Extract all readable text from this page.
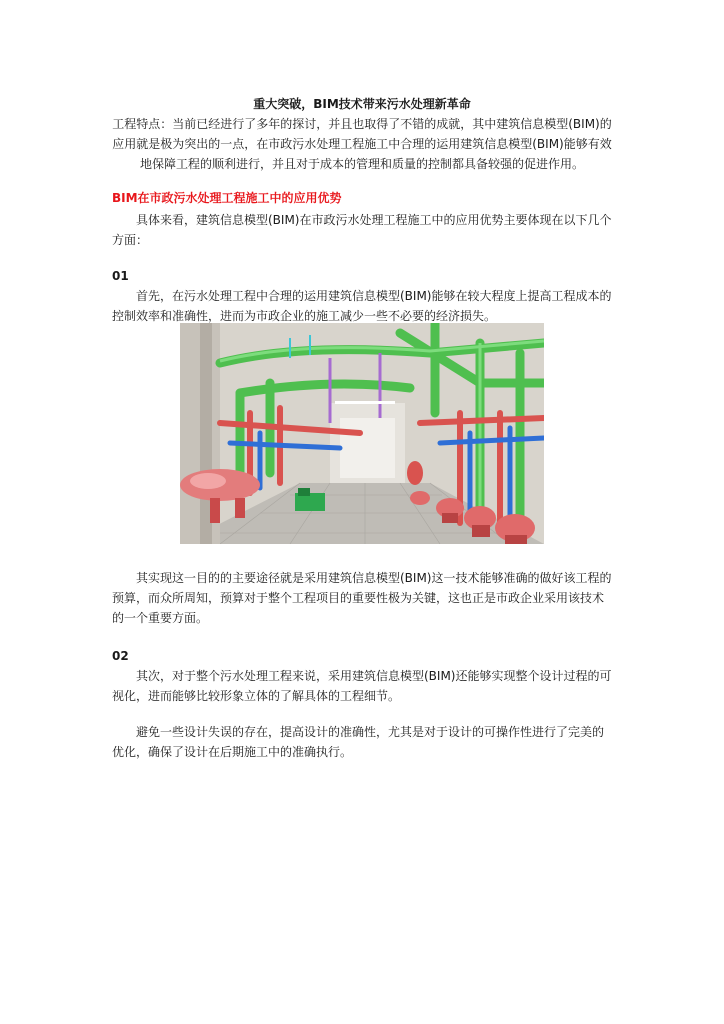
重大突破，BIM技术带来污水处理新革命
工程特点：当前已经进行了多年的探讨，并且也取得了不错的成就，其中建筑信息模型(BIM)的应用就是极为突出的一点，在市政污水处理工程施工中合理的运用建筑信息模型(BIM)能够有效地保障工程的顺利进行，并且对于成本的管理和质量的控制都具备较强的促进作用。
BIM在市政污水处理工程施工中的应用优势
具体来看，建筑信息模型(BIM)在市政污水处理工程施工中的应用优势主要体现在以下几个方面：
01
首先，在污水处理工程中合理的运用建筑信息模型(BIM)能够在较大程度上提高工程成本的控制效率和准确性，进而为市政企业的施工减少一些不必要的经济损失。
其实现这一目的的主要途径就是采用建筑信息模型(BIM)这一技术能够准确的做好该工程的预算，而众所周知，预算对于整个工程项目的重要性极为关键，这也正是市政企业采用该技术的一个重要方面。
02
其次，对于整个污水处理工程来说，采用建筑信息模型(BIM)还能够实现整个设计过程的可视化，进而能够比较形象立体的了解具体的工程细节。
避免一些设计失误的存在，提高设计的准确性，尤其是对于设计的可操作性进行了完美的优化，确保了设计在后期施工中的准确执行。
